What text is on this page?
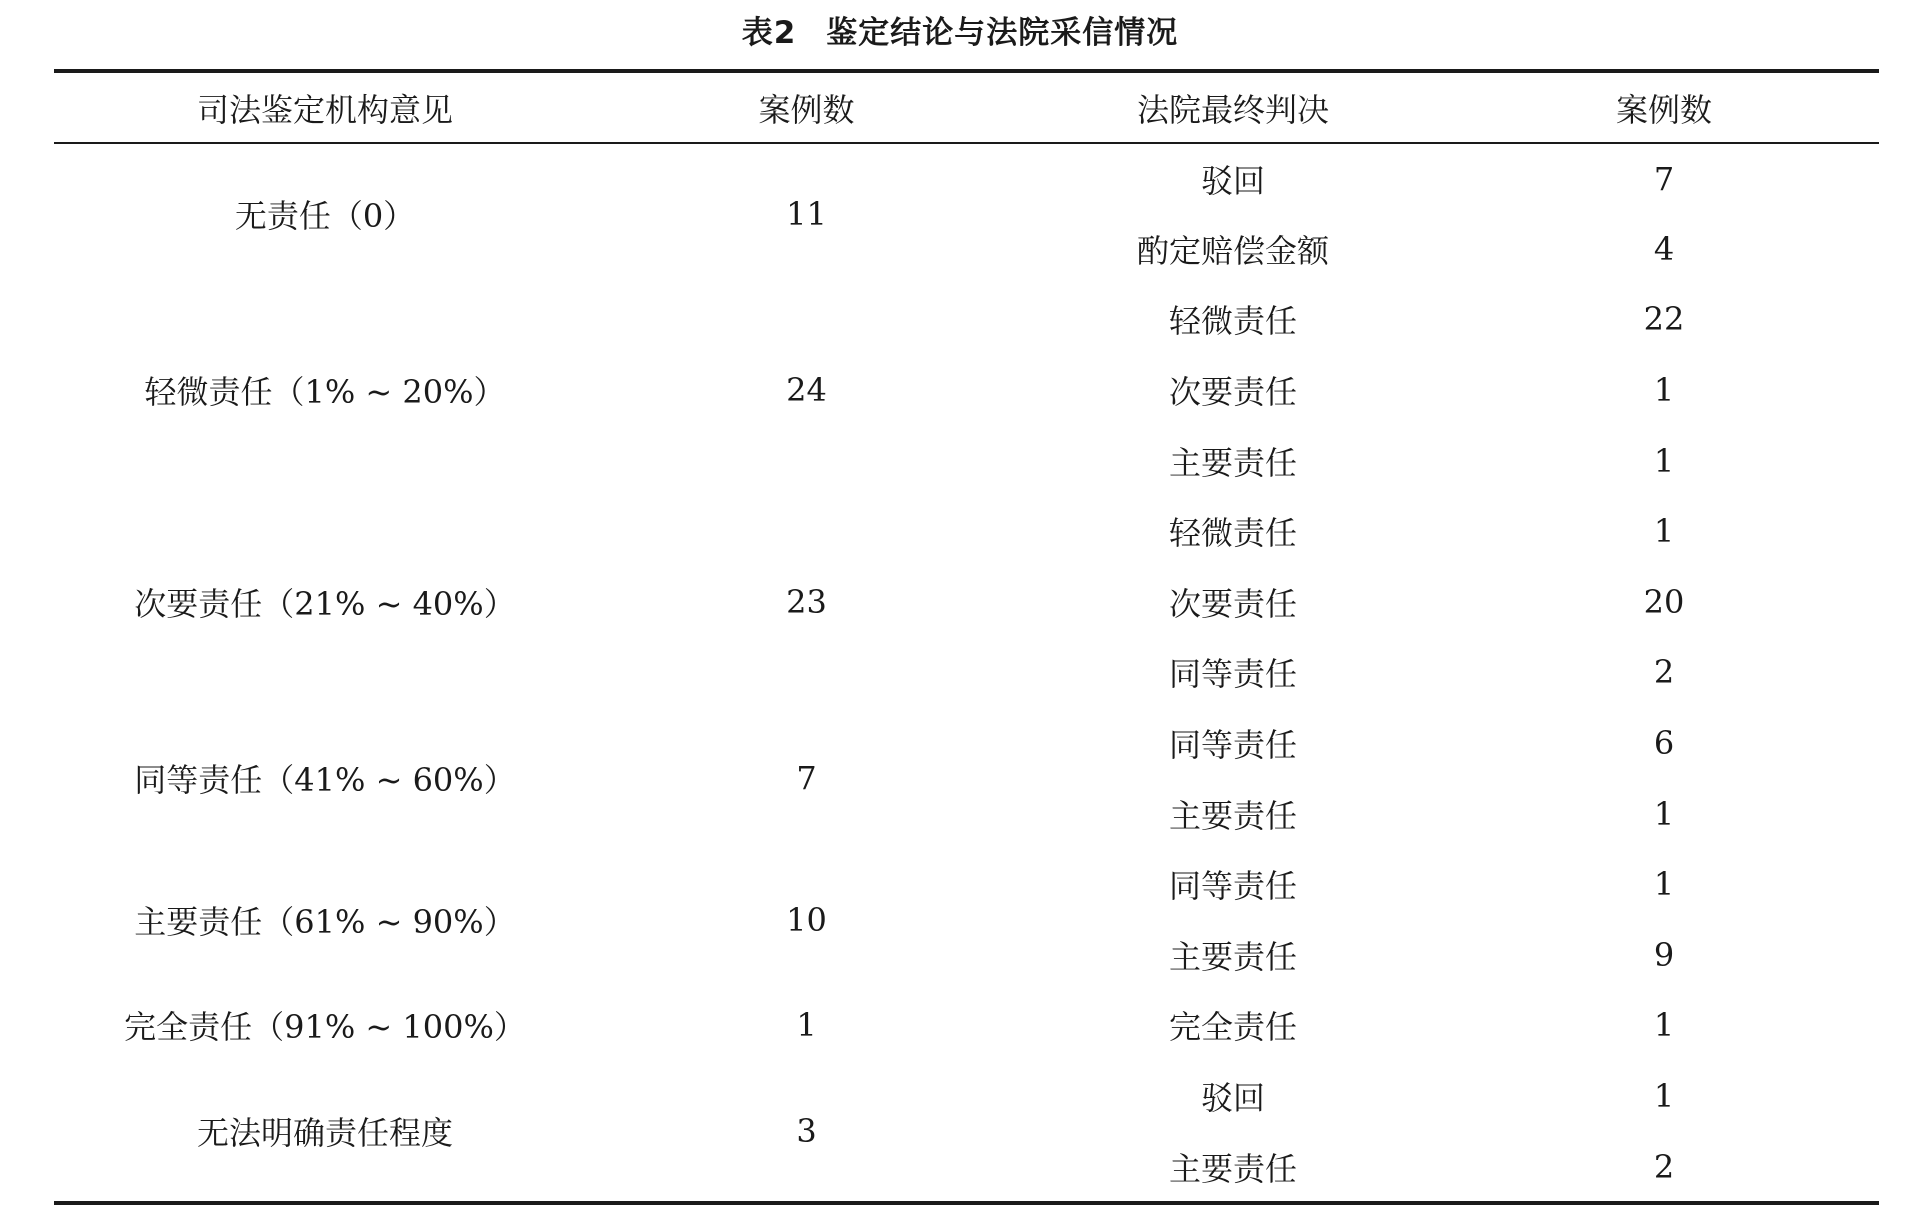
表2 鉴定结论与法院采信情况
司法鉴定机构意见	案例数	法院最终判决	案例数
无责任（0）	11	驳回	7
		酌定赔偿金额	4
轻微责任（1% ~ 20%）	24	轻微责任	22
		次要责任	1
		主要责任	1
次要责任（21% ~ 40%）	23	轻微责任	1
		次要责任	20
		同等责任	2
同等责任（41% ~ 60%）	7	同等责任	6
		主要责任	1
主要责任（61% ~ 90%）	10	同等责任	1
		主要责任	9
完全责任（91% ~ 100%）	1	完全责任	1
无法明确责任程度	3	驳回	1
		主要责任	2
